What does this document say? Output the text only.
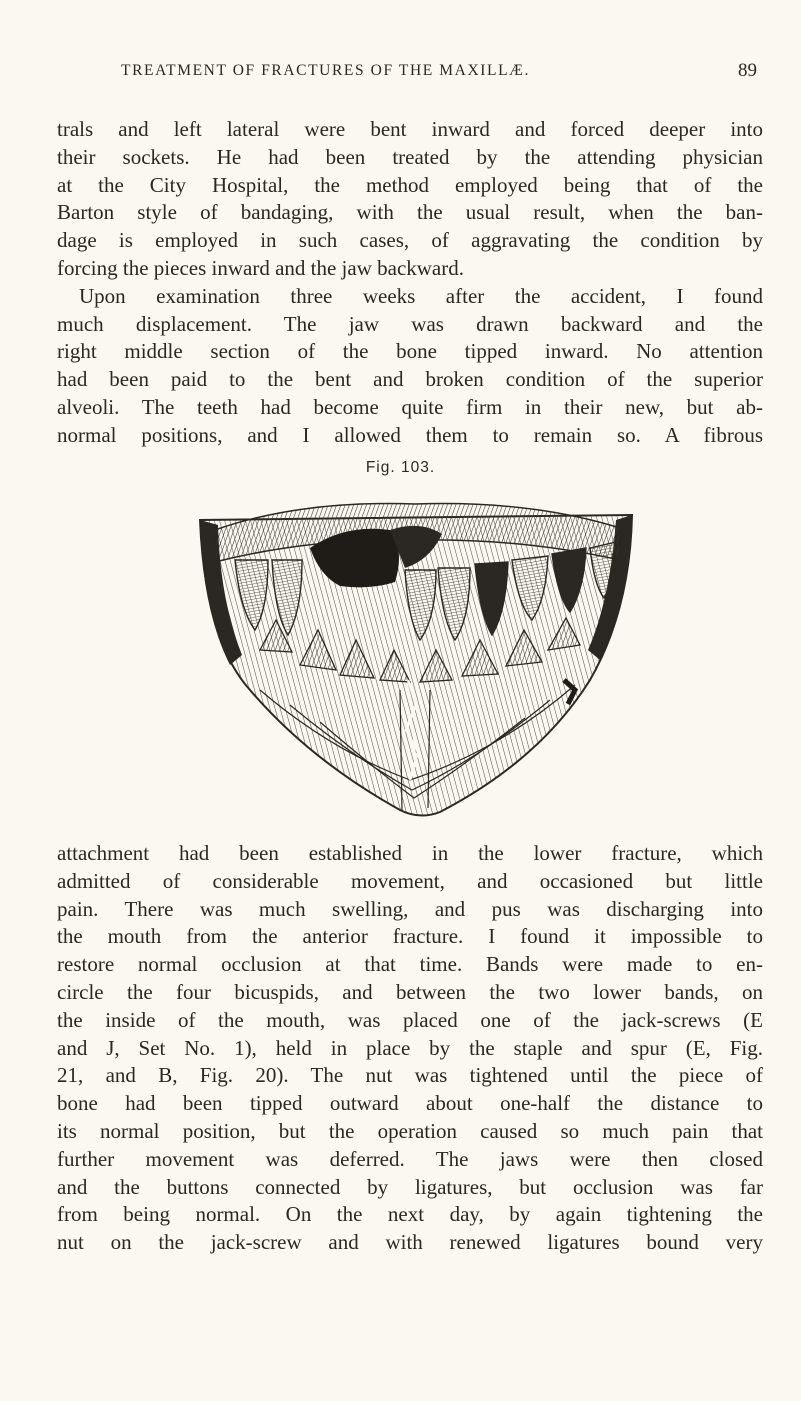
TREATMENT OF FRACTURES OF THE MAXILLÆ.	89

trals and left lateral were bent inward and forced deeper into
their sockets. He had been treated by the attending physician
at the City Hospital, the method employed being that of the
Barton style of bandaging, with the usual result, when the ban-
dage is employed in such cases, of aggravating the condition by
forcing the pieces inward and the jaw backward.
Upon examination three weeks after the accident, I found
much displacement. The jaw was drawn backward and the
right middle section of the bone tipped inward. No attention
had been paid to the bent and broken condition of the superior
alveoli. The teeth had become quite firm in their new, but ab-
normal positions, and I allowed them to remain so. A fibrous

Fig. 103.

attachment had been established in the lower fracture, which
admitted of considerable movement, and occasioned but little
pain. There was much swelling, and pus was discharging into
the mouth from the anterior fracture. I found it impossible to
restore normal occlusion at that time. Bands were made to en-
circle the four bicuspids, and between the two lower bands, on
the inside of the mouth, was placed one of the jack-screws (E
and J, Set No. 1), held in place by the staple and spur (E, Fig.
21, and B, Fig. 20). The nut was tightened until the piece of
bone had been tipped outward about one-half the distance to
its normal position, but the operation caused so much pain that
further movement was deferred. The jaws were then closed
and the buttons connected by ligatures, but occlusion was far
from being normal. On the next day, by again tightening the
nut on the jack-screw and with renewed ligatures bound very
